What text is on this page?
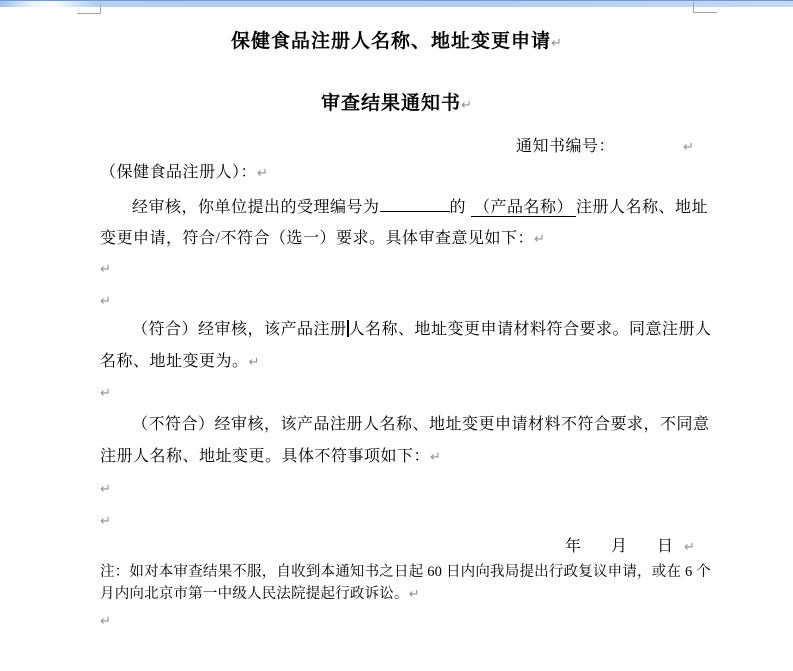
保健食品注册人名称、地址变更申请↵
审查结果通知书↵
通知书编号：	↵
（保健食品注册人）：↵
经审核，你单位提出的受理编号为	的 （产品名称） 注册人名称、地址
变更申请，符合/不符合（选一）要求。具体审查意见如下：↵
↵
↵
（符合）经审核，该产品注册 人名称、地址变更申请材料符合要求。同意注册人
名称、地址变更为。↵
↵
（不符合）经审核，该产品注册人名称、地址变更申请材料不符合要求，不同意
注册人名称、地址变更。具体不符事项如下：↵
↵
↵
年 月 日 ↵
注：如对本审查结果不服，自收到本通知书之日起 60 日内向我局提出行政复议申请，或在 6 个
月内向北京市第一中级人民法院提起行政诉讼。↵
↵
